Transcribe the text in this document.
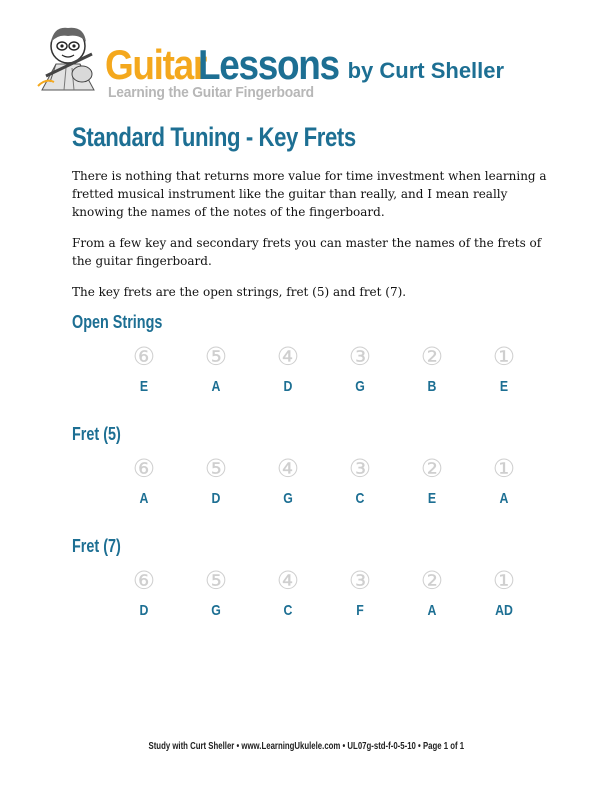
Guitar
Lessons by Curt Sheller
Learning the Guitar Fingerboard
Standard Tuning - Key Frets

There is nothing that returns more value for time investment when learning a fretted musical instrument like the guitar than really, and I mean really knowing the names of the notes of the fingerboard.

From a few key and secondary frets you can master the names of the frets of the guitar fingerboard.

The key frets are the open strings, fret (5) and fret (7).

Open Strings
⑥
E
⑤
A
④
D
③
G
②
B
①
E
Fret (5)
⑥
A
⑤
D
④
G
③
C
②
E
①
A
Fret (7)
⑥
D
⑤
G
④
C
③
F
②
A
①
AD
Study with Curt Sheller • www.LearningUkulele.com • UL07g-std-f-0-5-10 • Page 1 of 1
